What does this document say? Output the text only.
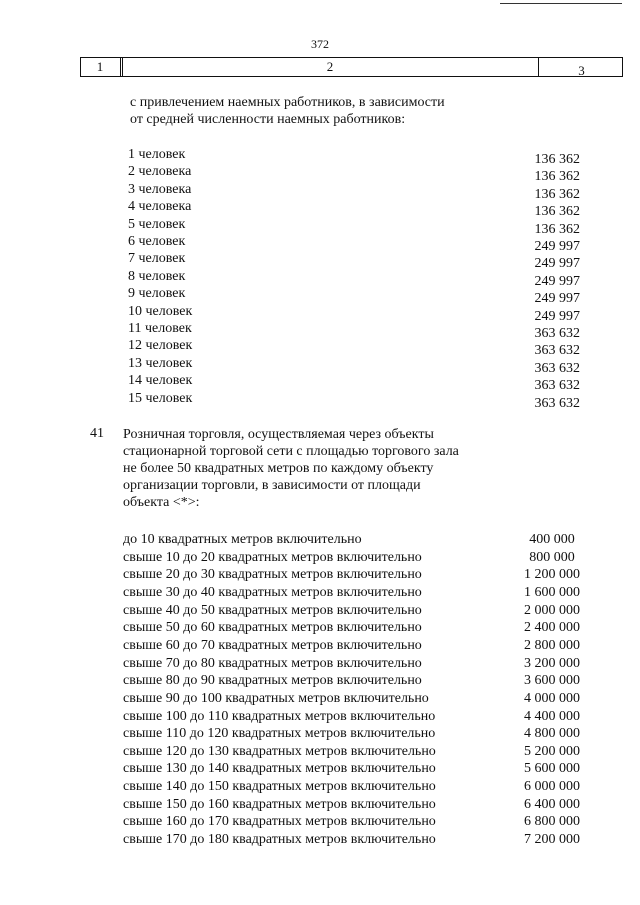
372
1	2	3
с привлечением наемных работников, в зависимости
от средней численности наемных работников:
1 человек	136 362
2 человека	136 362
3 человека	136 362
4 человека	136 362
5 человек	136 362
6 человек	249 997
7 человек	249 997
8 человек	249 997
9 человек	249 997
10 человек	249 997
11 человек	363 632
12 человек	363 632
13 человек	363 632
14 человек	363 632
15 человек	363 632
41 Розничная торговля, осуществляемая через объекты
стационарной торговой сети с площадью торгового зала
не более 50 квадратных метров по каждому объекту
организации торговли, в зависимости от площади
объекта <*>:
до 10 квадратных метров включительно	400 000
свыше 10 до 20 квадратных метров включительно	800 000
свыше 20 до 30 квадратных метров включительно	1 200 000
свыше 30 до 40 квадратных метров включительно	1 600 000
свыше 40 до 50 квадратных метров включительно	2 000 000
свыше 50 до 60 квадратных метров включительно	2 400 000
свыше 60 до 70 квадратных метров включительно	2 800 000
свыше 70 до 80 квадратных метров включительно	3 200 000
свыше 80 до 90 квадратных метров включительно	3 600 000
свыше 90 до 100 квадратных метров включительно	4 000 000
свыше 100 до 110 квадратных метров включительно	4 400 000
свыше 110 до 120 квадратных метров включительно	4 800 000
свыше 120 до 130 квадратных метров включительно	5 200 000
свыше 130 до 140 квадратных метров включительно	5 600 000
свыше 140 до 150 квадратных метров включительно	6 000 000
свыше 150 до 160 квадратных метров включительно	6 400 000
свыше 160 до 170 квадратных метров включительно	6 800 000
свыше 170 до 180 квадратных метров включительно	7 200 000
